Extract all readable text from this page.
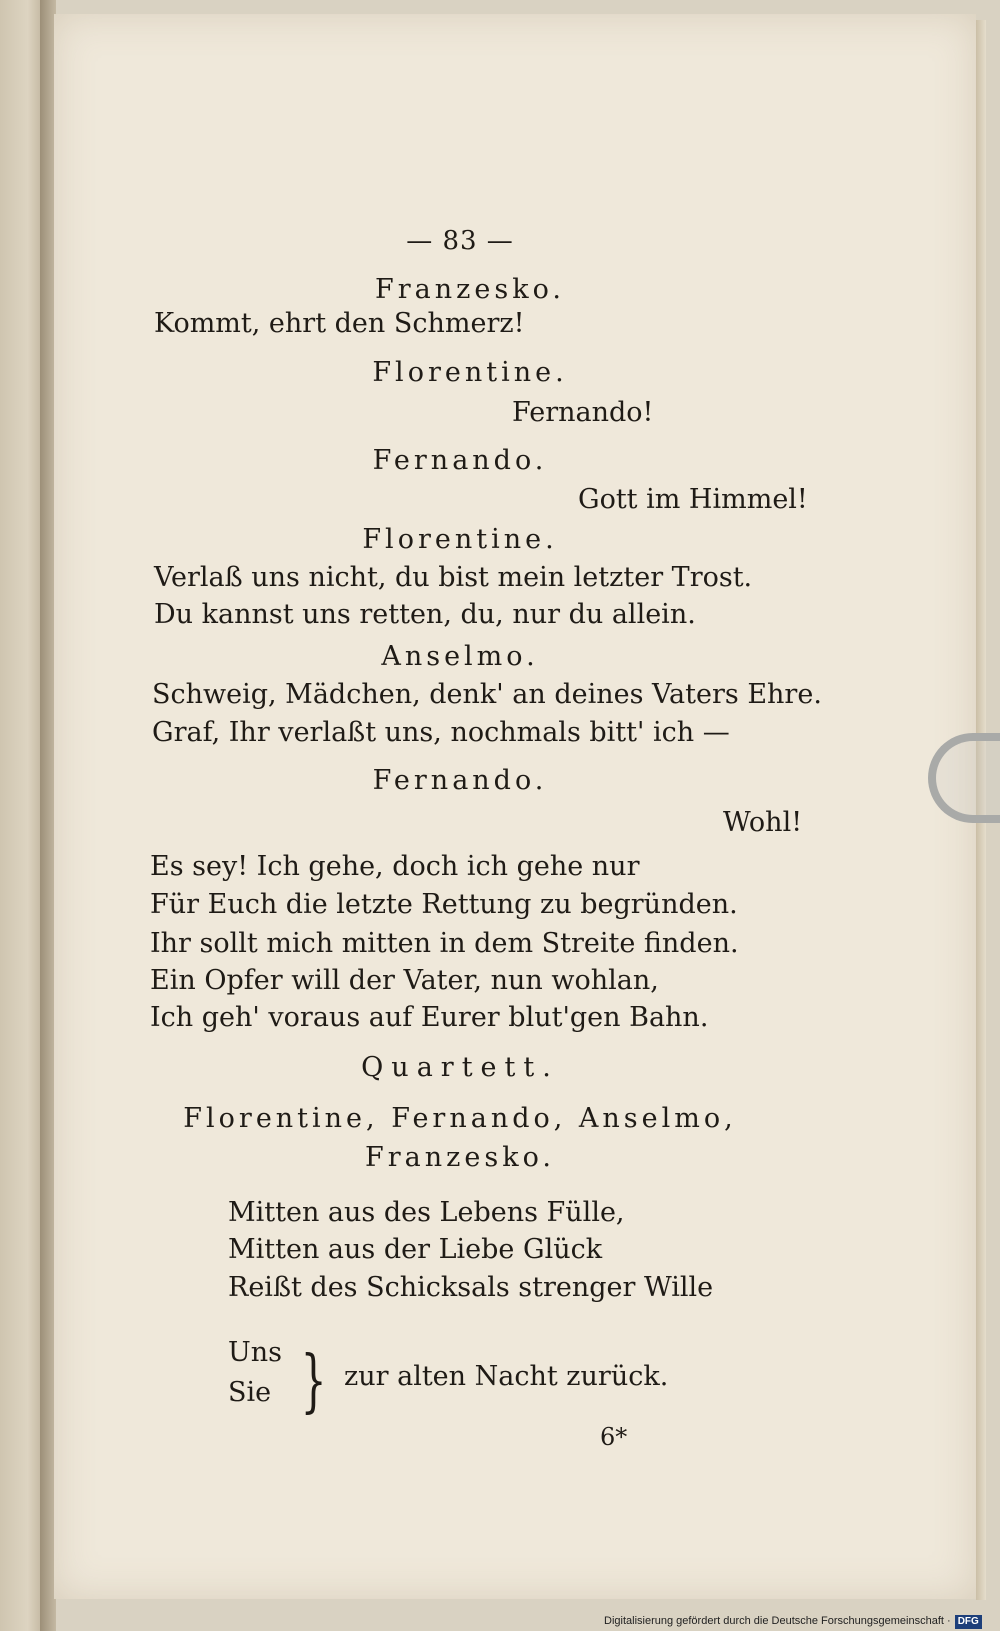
— 83 —
Franzesko.
Kommt, ehrt den Schmerz!
Florentine.
Fernando!
Fernando.
Gott im Himmel!
Florentine.
Verlaß uns nicht, du bist mein letzter Trost.
Du kannst uns retten, du, nur du allein.
Anselmo.
Schweig, Mädchen, denk' an deines Vaters Ehre.
Graf, Ihr verlaßt uns, nochmals bitt' ich —
Fernando.
Wohl!
Es sey! Ich gehe, doch ich gehe nur
Für Euch die letzte Rettung zu begründen.
Ihr sollt mich mitten in dem Streite finden.
Ein Opfer will der Vater, nun wohlan,
Ich geh' voraus auf Eurer blut'gen Bahn.
Quartett.
Florentine, Fernando, Anselmo,
Franzesko.
Mitten aus des Lebens Fülle,
Mitten aus der Liebe Glück
Reißt des Schicksals strenger Wille
Uns
Sie } zur alten Nacht zurück.
6*
Digitalisierung gefördert durch die Deutsche Forschungsgemeinschaft · DFG
